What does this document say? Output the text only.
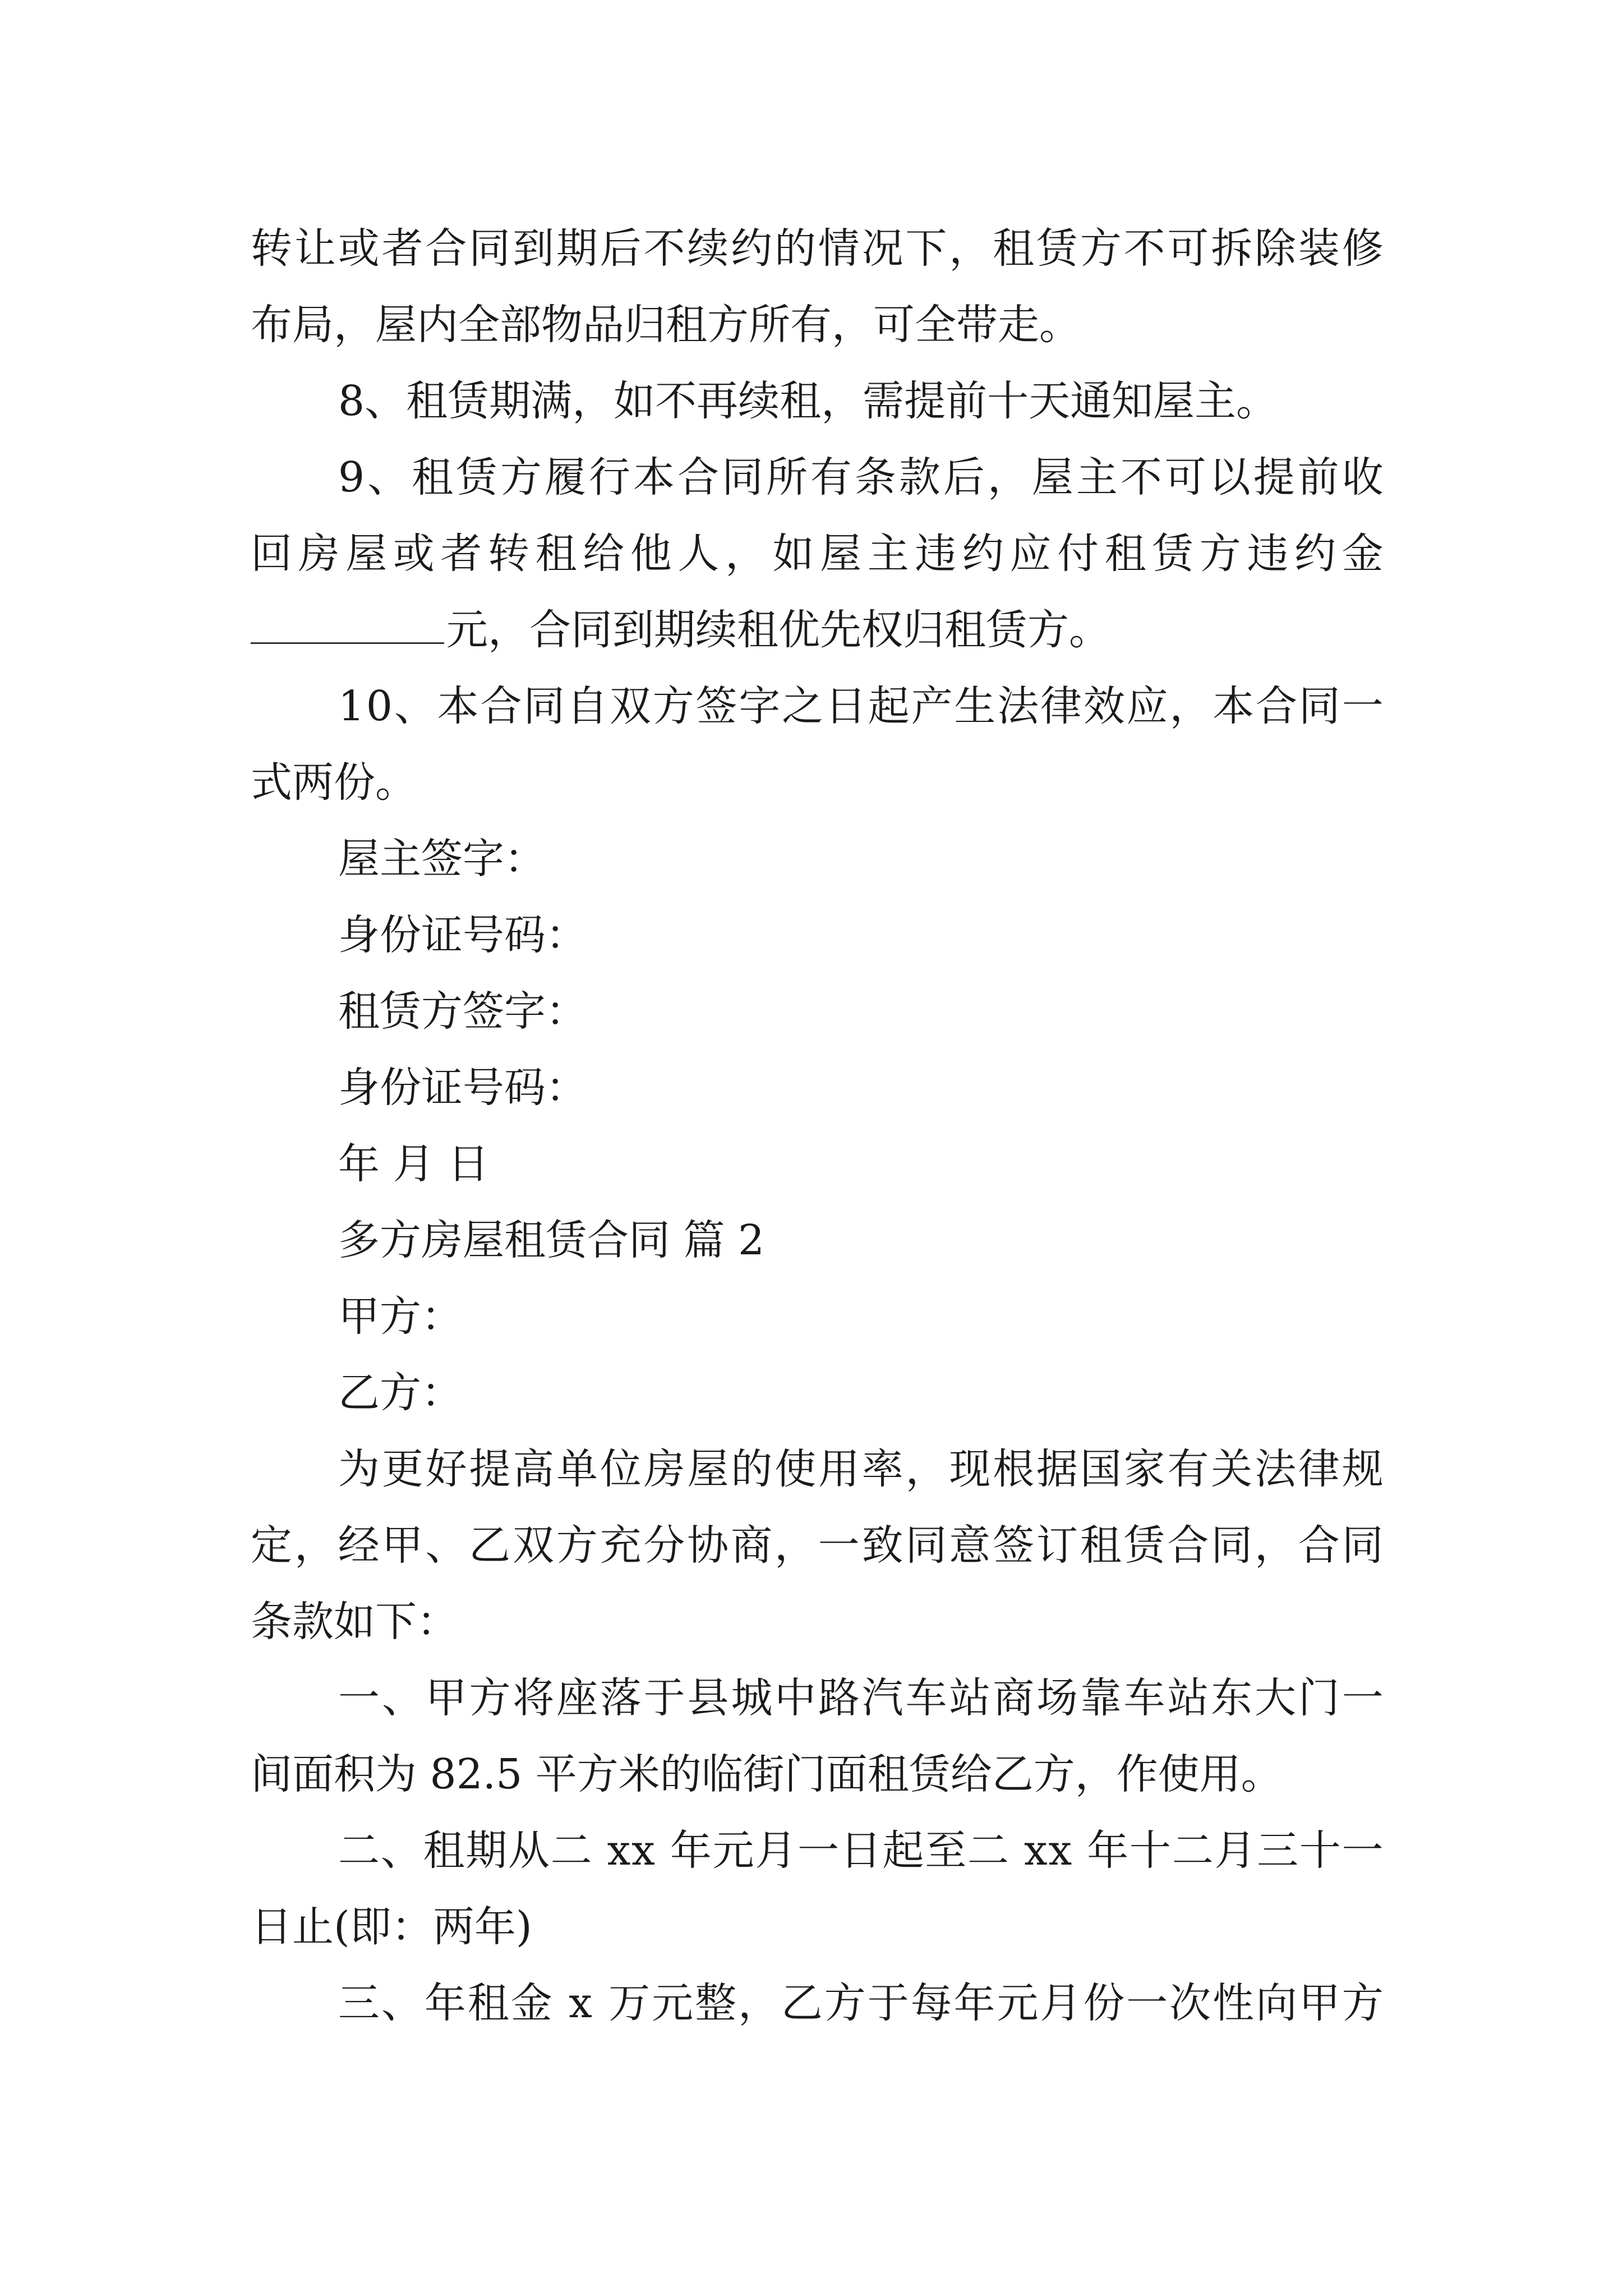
转 让 或 者 合 同 到 期 后 不 续 约 的 情 况 下 ， 租 赁 方 不 可 拆 除 装 修
布局，屋内全部物品归租方所有，可全带走。
8、租赁期满，如不再续租，需提前十天通知屋主。
9 、 租 赁 方 履 行 本 合 同 所 有 条 款 后 ， 屋 主 不 可 以 提 前 收
回 房 屋 或 者 转 租 给 他 人 ， 如 屋 主 违 约 应 付 租 赁 方 违 约 金
元，合同到期续租优先权归租赁方。
1 0 、 本 合 同 自 双 方 签 字 之 日 起 产 生 法 律 效 应 ， 本 合 同 一
式两份。
屋主签字：
身份证号码：
租赁方签字：
身份证号码：
年 月 日
多方房屋租赁合同 篇 2
甲方：
乙方：
为 更 好 提 高 单 位 房 屋 的 使 用 率 ， 现 根 据 国 家 有 关 法 律 规
定 ， 经 甲 、 乙 双 方 充 分 协 商 ， 一 致 同 意 签 订 租 赁 合 同 ， 合 同
条款如下：
一 、 甲 方 将 座 落 于 县 城 中 路 汽 车 站 商 场 靠 车 站 东 大 门 一
间面积为 82.5 平方米的临街门面租赁给乙方，作使用。
二 、 租 期 从 二
x x
年 元 月 一 日 起 至 二
x x
年 十 二 月 三 十 一
日止(即：两年)
三 、 年 租 金
x
万 元 整 ， 乙 方 于 每 年 元 月 份 一 次 性 向 甲 方
